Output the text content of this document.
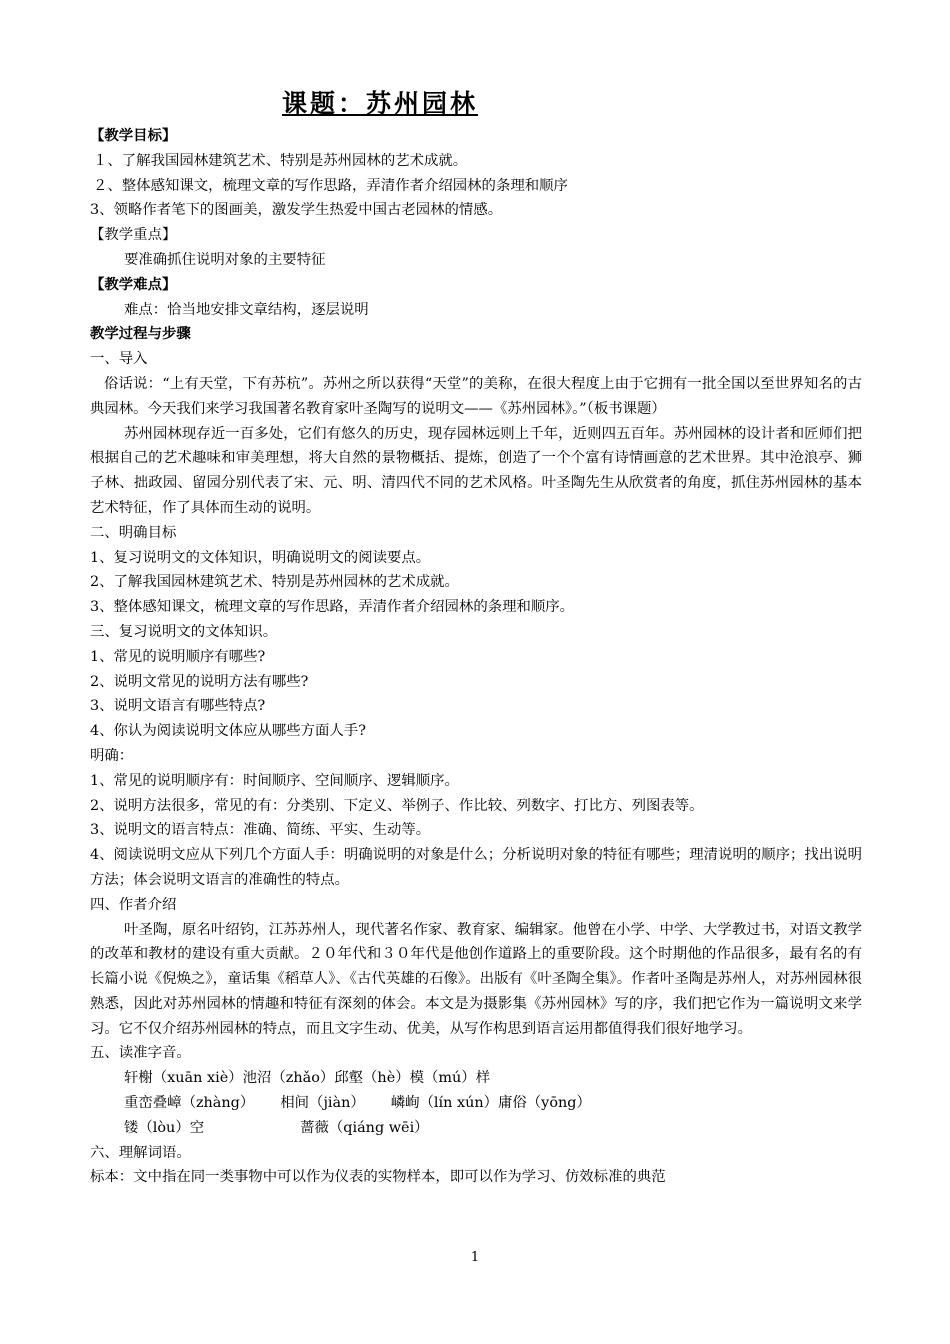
课题：苏州园林
【教学目标】
１、了解我国园林建筑艺术、特别是苏州园林的艺术成就。
２、整体感知课文，梳理文章的写作思路，弄清作者介绍园林的条理和顺序
3、领略作者笔下的图画美，激发学生热爱中国古老园林的情感。
【教学重点】
要准确抓住说明对象的主要特征
【教学难点】
难点：恰当地安排文章结构，逐层说明
教学过程与步骤
一、导入
俗话说：“上有天堂，下有苏杭”。苏州之所以获得“天堂”的美称，在很大程度上由于它拥有一批全国以至世界知名的古典园林。今天我们来学习我国著名教育家叶圣陶写的说明文——《苏州园林》。”（板书课题）
苏州园林现存近一百多处，它们有悠久的历史，现存园林远则上千年，近则四五百年。苏州园林的设计者和匠师们把根据自己的艺术趣味和审美理想，将大自然的景物概括、提炼，创造了一个个富有诗情画意的艺术世界。其中沧浪亭、狮子林、拙政园、留园分别代表了宋、元、明、清四代不同的艺术风格。叶圣陶先生从欣赏者的角度，抓住苏州园林的基本艺术特征，作了具体而生动的说明。
二、明确目标
1、复习说明文的文体知识，明确说明文的阅读要点。
2、了解我国园林建筑艺术、特别是苏州园林的艺术成就。
3、整体感知课文，梳理文章的写作思路，弄清作者介绍园林的条理和顺序。
三、复习说明文的文体知识。
1、常见的说明顺序有哪些?
2、说明文常见的说明方法有哪些?
3、说明文语言有哪些特点?
4、你认为阅读说明文体应从哪些方面人手?
明确：
1、常见的说明顺序有：时间顺序、空间顺序、逻辑顺序。
2、说明方法很多，常见的有：分类别、下定义、举例子、作比较、列数字、打比方、列图表等。
3、说明文的语言特点：准确、简练、平实、生动等。
4、阅读说明文应从下列几个方面人手：明确说明的对象是什么；分析说明对象的特征有哪些；理清说明的顺序；找出说明方法；体会说明文语言的准确性的特点。
四、作者介绍
叶圣陶，原名叶绍钧，江苏苏州人，现代著名作家、教育家、编辑家。他曾在小学、中学、大学教过书，对语文教学的改革和教材的建设有重大贡献。２０年代和３０年代是他创作道路上的重要阶段。这个时期他的作品很多，最有名的有长篇小说《倪焕之》，童话集《稻草人》、《古代英雄的石像》。出版有《叶圣陶全集》。作者叶圣陶是苏州人，对苏州园林很熟悉，因此对苏州园林的情趣和特征有深刻的体会。本文是为摄影集《苏州园林》写的序，我们把它作为一篇说明文来学习。它不仅介绍苏州园林的特点，而且文字生动、优美，从写作构思到语言运用都值得我们很好地学习。
五、读准字音。
轩榭（xuān xiè）池沼（zhǎo）邱壑（hè）模（mú）样
重峦叠嶂（zhàng） 相间（jiàn） 嶙峋（lín xún）庸俗（yōng）
镂（lòu）空	蔷薇（qiáng wēi）
六、理解词语。
标本：文中指在同一类事物中可以作为仪表的实物样本，即可以作为学习、仿效标准的典范
1
